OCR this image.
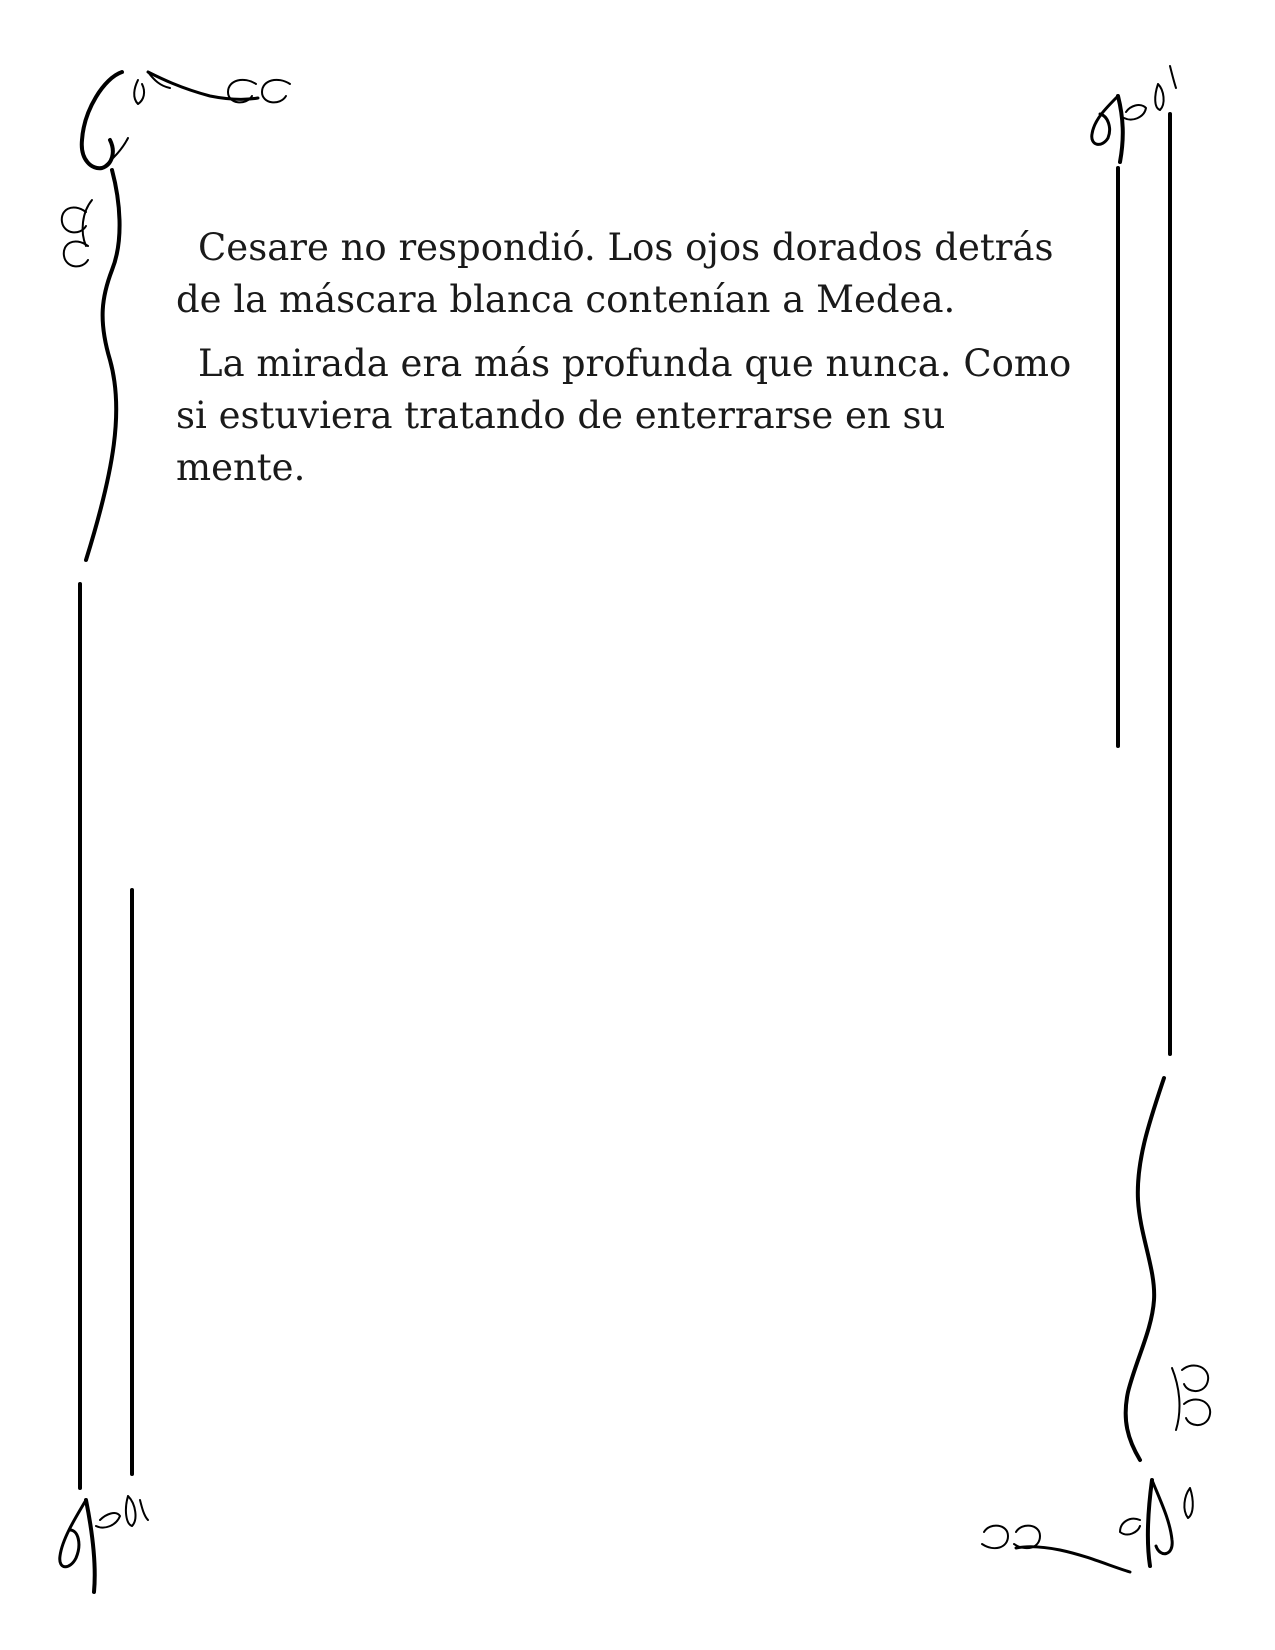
Cesare no respondió. Los ojos dorados detrás de la máscara blanca contenían a Medea.

La mirada era más profunda que nunca. Como si estuviera tratando de enterrarse en su mente.
